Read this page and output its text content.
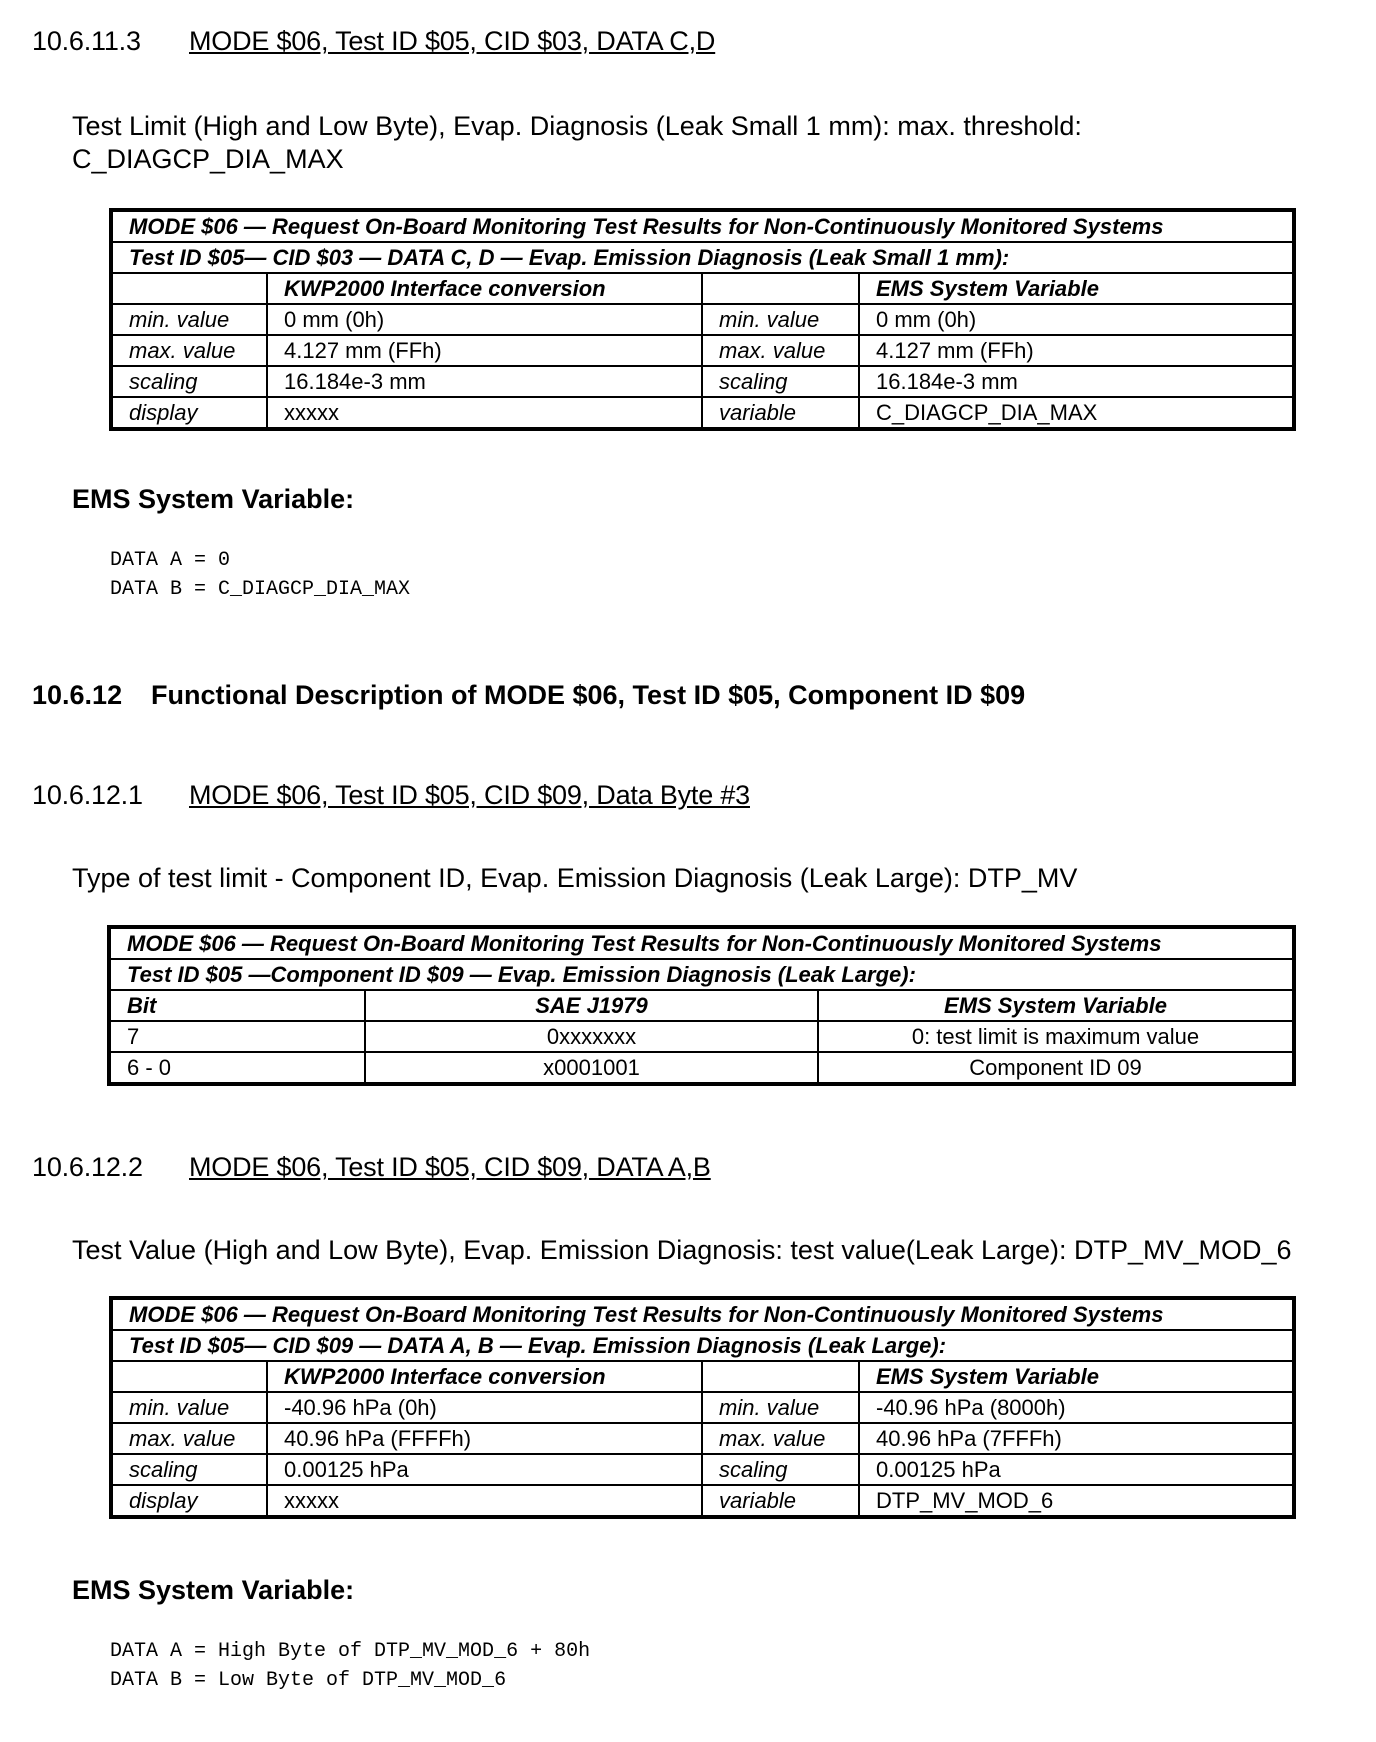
10.6.11.3 MODE $06, Test ID $05, CID $03, DATA C,D
Test Limit (High and Low Byte), Evap. Diagnosis (Leak Small 1 mm): max. threshold:
C_DIAGCP_DIA_MAX
MODE $06 — Request On-Board Monitoring Test Results for Non-Continuously Monitored Systems			
Test ID $05— CID $03 — DATA C, D — Evap. Emission Diagnosis (Leak Small 1 mm):			
	KWP2000 Interface conversion		EMS System Variable
min. value	0 mm (0h)	min. value	0 mm (0h)
max. value	4.127 mm (FFh)	max. value	4.127 mm (FFh)
scaling	16.184e-3 mm	scaling	16.184e-3 mm
display	xxxxx	variable	C_DIAGCP_DIA_MAX
EMS System Variable:
DATA A = 0
DATA B = C_DIAGCP_DIA_MAX
10.6.12 Functional Description of MODE $06, Test ID $05, Component ID $09
10.6.12.1 MODE $06, Test ID $05, CID $09, Data Byte #3
Type of test limit - Component ID, Evap. Emission Diagnosis (Leak Large): DTP_MV
MODE $06 — Request On-Board Monitoring Test Results for Non-Continuously Monitored Systems		
Test ID $05 —Component ID $09 — Evap. Emission Diagnosis (Leak Large):		
Bit	SAE J1979	EMS System Variable
7	0xxxxxxx	0: test limit is maximum value
6 - 0	x0001001	Component ID 09
10.6.12.2 MODE $06, Test ID $05, CID $09, DATA A,B
Test Value (High and Low Byte), Evap. Emission Diagnosis: test value(Leak Large): DTP_MV_MOD_6
MODE $06 — Request On-Board Monitoring Test Results for Non-Continuously Monitored Systems			
Test ID $05— CID $09 — DATA A, B — Evap. Emission Diagnosis (Leak Large):			
	KWP2000 Interface conversion		EMS System Variable
min. value	-40.96 hPa (0h)	min. value	-40.96 hPa (8000h)
max. value	40.96 hPa (FFFFh)	max. value	40.96 hPa (7FFFh)
scaling	0.00125 hPa	scaling	0.00125 hPa
display	xxxxx	variable	DTP_MV_MOD_6
EMS System Variable:
DATA A = High Byte of DTP_MV_MOD_6 + 80h
DATA B = Low Byte of DTP_MV_MOD_6
